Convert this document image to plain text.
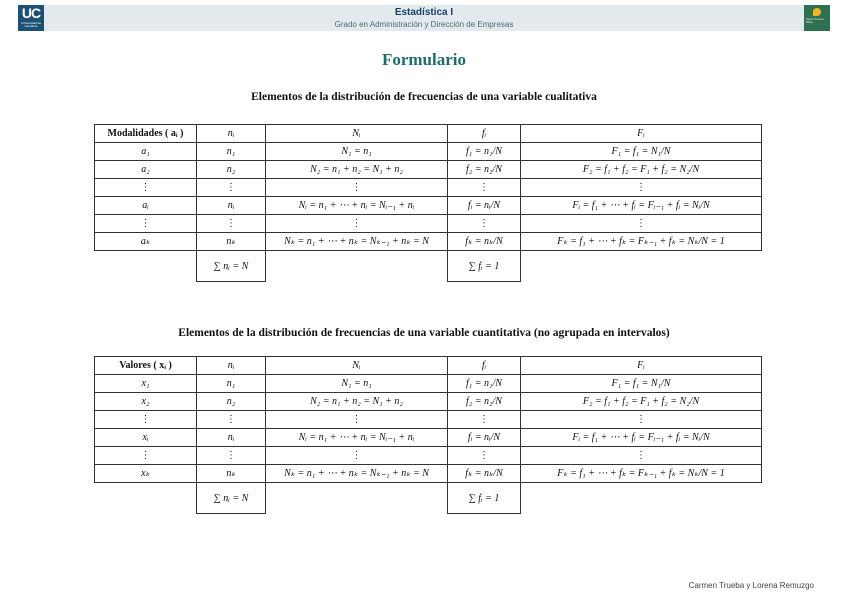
UC
Universidad de Cantabria
Estadística I
Grado en Administración y Dirección de Empresas
Open Course Ware
Formulario
Elementos de la distribución de frecuencias de una variable cualitativa
Modalidades ( aᵢ )	nᵢ	Nᵢ	fᵢ	Fᵢ
a₁	n₁	N₁ = n₁	f₁ = n₁/N	F₁ = f₁ = N₁/N
a₂	n₂	N₂ = n₁ + n₂ = N₁ + n₂	f₂ = n₂/N	F₂ = f₁ + f₂ = F₁ + f₂ = N₂/N
⋮	⋮	⋮	⋮	⋮
aᵢ	nᵢ	Nᵢ = n₁ + ⋯ + nᵢ = Nᵢ₋₁ + nᵢ	fᵢ = nᵢ/N	Fᵢ = f₁ + ⋯ + fᵢ = Fᵢ₋₁ + fᵢ = Nᵢ/N
⋮	⋮	⋮	⋮	⋮
aₖ	nₖ	Nₖ = n₁ + ⋯ + nₖ = Nₖ₋₁ + nₖ = N	fₖ = nₖ/N	Fₖ = f₁ + ⋯ + fₖ = Fₖ₋₁ + fₖ = Nₖ/N = 1
	∑ nᵢ = N		∑ fᵢ = 1	
Elementos de la distribución de frecuencias de una variable cuantitativa (no agrupada en intervalos)
Valores ( xᵢ )	nᵢ	Nᵢ	fᵢ	Fᵢ
x₁	n₁	N₁ = n₁	f₁ = n₁/N	F₁ = f₁ = N₁/N
x₂	n₂	N₂ = n₁ + n₂ = N₁ + n₂	f₂ = n₂/N	F₂ = f₁ + f₂ = F₁ + f₂ = N₂/N
⋮	⋮	⋮	⋮	⋮
xᵢ	nᵢ	Nᵢ = n₁ + ⋯ + nᵢ = Nᵢ₋₁ + nᵢ	fᵢ = nᵢ/N	Fᵢ = f₁ + ⋯ + fᵢ = Fᵢ₋₁ + fᵢ = Nᵢ/N
⋮	⋮	⋮	⋮	⋮
xₖ	nₖ	Nₖ = n₁ + ⋯ + nₖ = Nₖ₋₁ + nₖ = N	fₖ = nₖ/N	Fₖ = f₁ + ⋯ + fₖ = Fₖ₋₁ + fₖ = Nₖ/N = 1
	∑ nᵢ = N		∑ fᵢ = 1	
Carmen Trueba y Lorena Remuzgo
